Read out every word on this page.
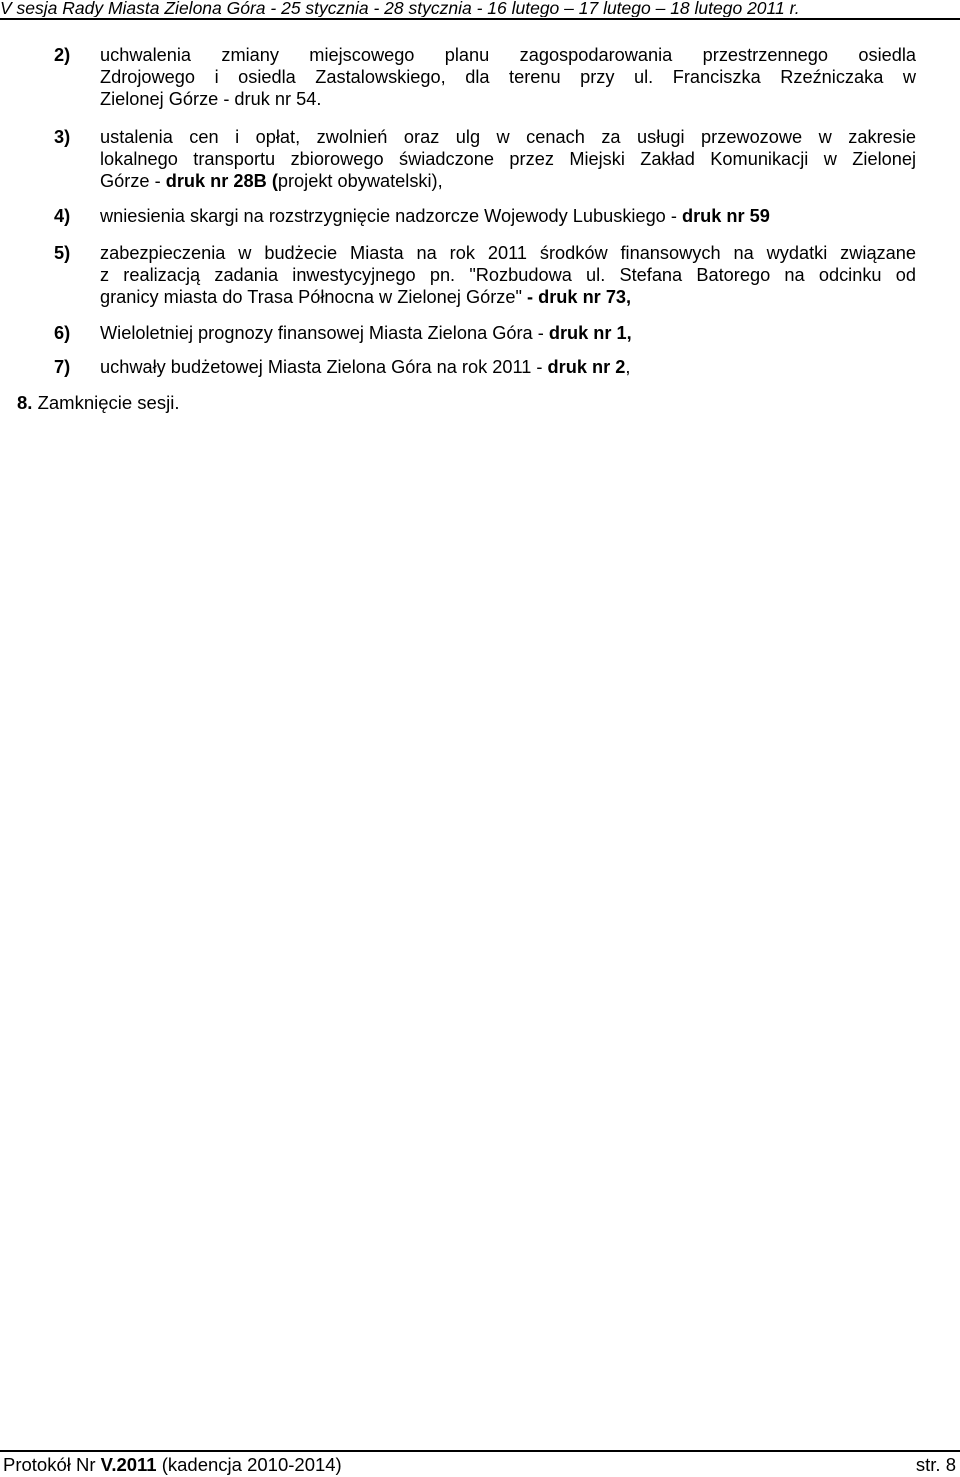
V sesja Rady Miasta Zielona Góra - 25 stycznia - 28 stycznia - 16 lutego – 17 lutego – 18 lutego 2011 r.
2) uchwalenia zmiany miejscowego planu zagospodarowania przestrzennego osiedla
Zdrojowego i osiedla Zastalowskiego, dla terenu przy ul. Franciszka Rzeźniczaka w
Zielonej Górze - druk nr 54.
3) ustalenia cen i opłat, zwolnień oraz ulg w cenach za usługi przewozowe w zakresie
lokalnego transportu zbiorowego świadczone przez Miejski Zakład Komunikacji w Zielonej
Górze - druk nr 28B (projekt obywatelski),
4) wniesienia skargi na rozstrzygnięcie nadzorcze Wojewody Lubuskiego - druk nr 59
5) zabezpieczenia w budżecie Miasta na rok 2011 środków finansowych na wydatki związane
z realizacją zadania inwestycyjnego pn. "Rozbudowa ul. Stefana Batorego na odcinku od
granicy miasta do Trasa Północna w Zielonej Górze" - druk nr 73,
6) Wieloletniej prognozy finansowej Miasta Zielona Góra - druk nr 1,
7) uchwały budżetowej Miasta Zielona Góra na rok 2011 - druk nr 2,
8. Zamknięcie sesji.
Protokół Nr V.2011 (kadencja 2010-2014)	str. 8
